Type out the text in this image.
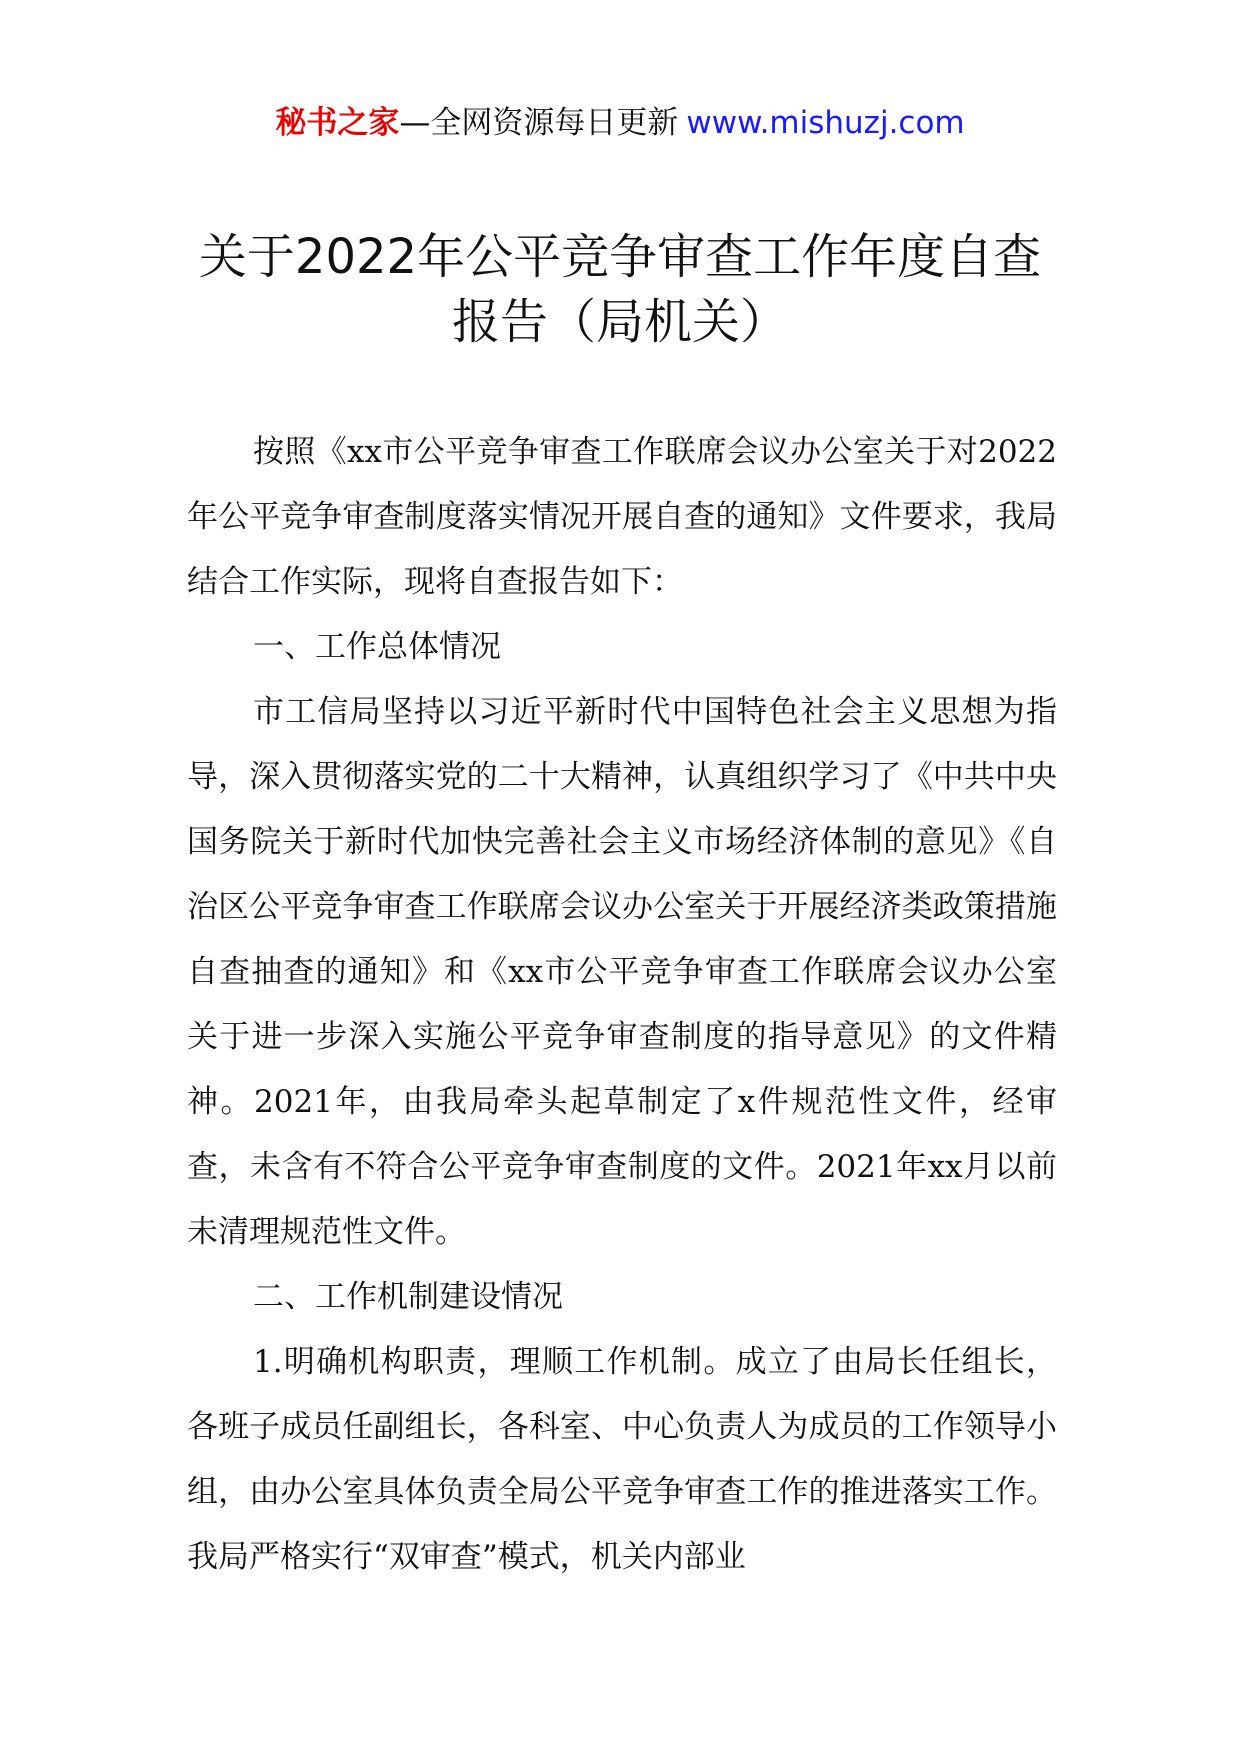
秘书之家—全网资源每日更新 www.mishuzj.com
关于2022年公平竞争审查工作年度自查报告（局机关）

按照《xx市公平竞争审查工作联席会议办公室关于对2022年公平竞争审查制度落实情况开展自查的通知》文件要求，我局结合工作实际，现将自查报告如下：

一、工作总体情况

市工信局坚持以习近平新时代中国特色社会主义思想为指导，深入贯彻落实党的二十大精神，认真组织学习了《中共中央国务院关于新时代加快完善社会主义市场经济体制的意见》《自治区公平竞争审查工作联席会议办公室关于开展经济类政策措施自查抽查的通知》和《xx市公平竞争审查工作联席会议办公室关于进一步深入实施公平竞争审查制度的指导意见》的文件精神。2021年，由我局牵头起草制定了x件规范性文件，经审查，未含有不符合公平竞争审查制度的文件。2021年xx月以前未清理规范性文件。

二、工作机制建设情况

1.明确机构职责，理顺工作机制。成立了由局长任组长，各班子成员任副组长，各科室、中心负责人为成员的工作领导小组，由办公室具体负责全局公平竞争审查工作的推进落实工作。我局严格实行“双审查”模式，机关内部业
